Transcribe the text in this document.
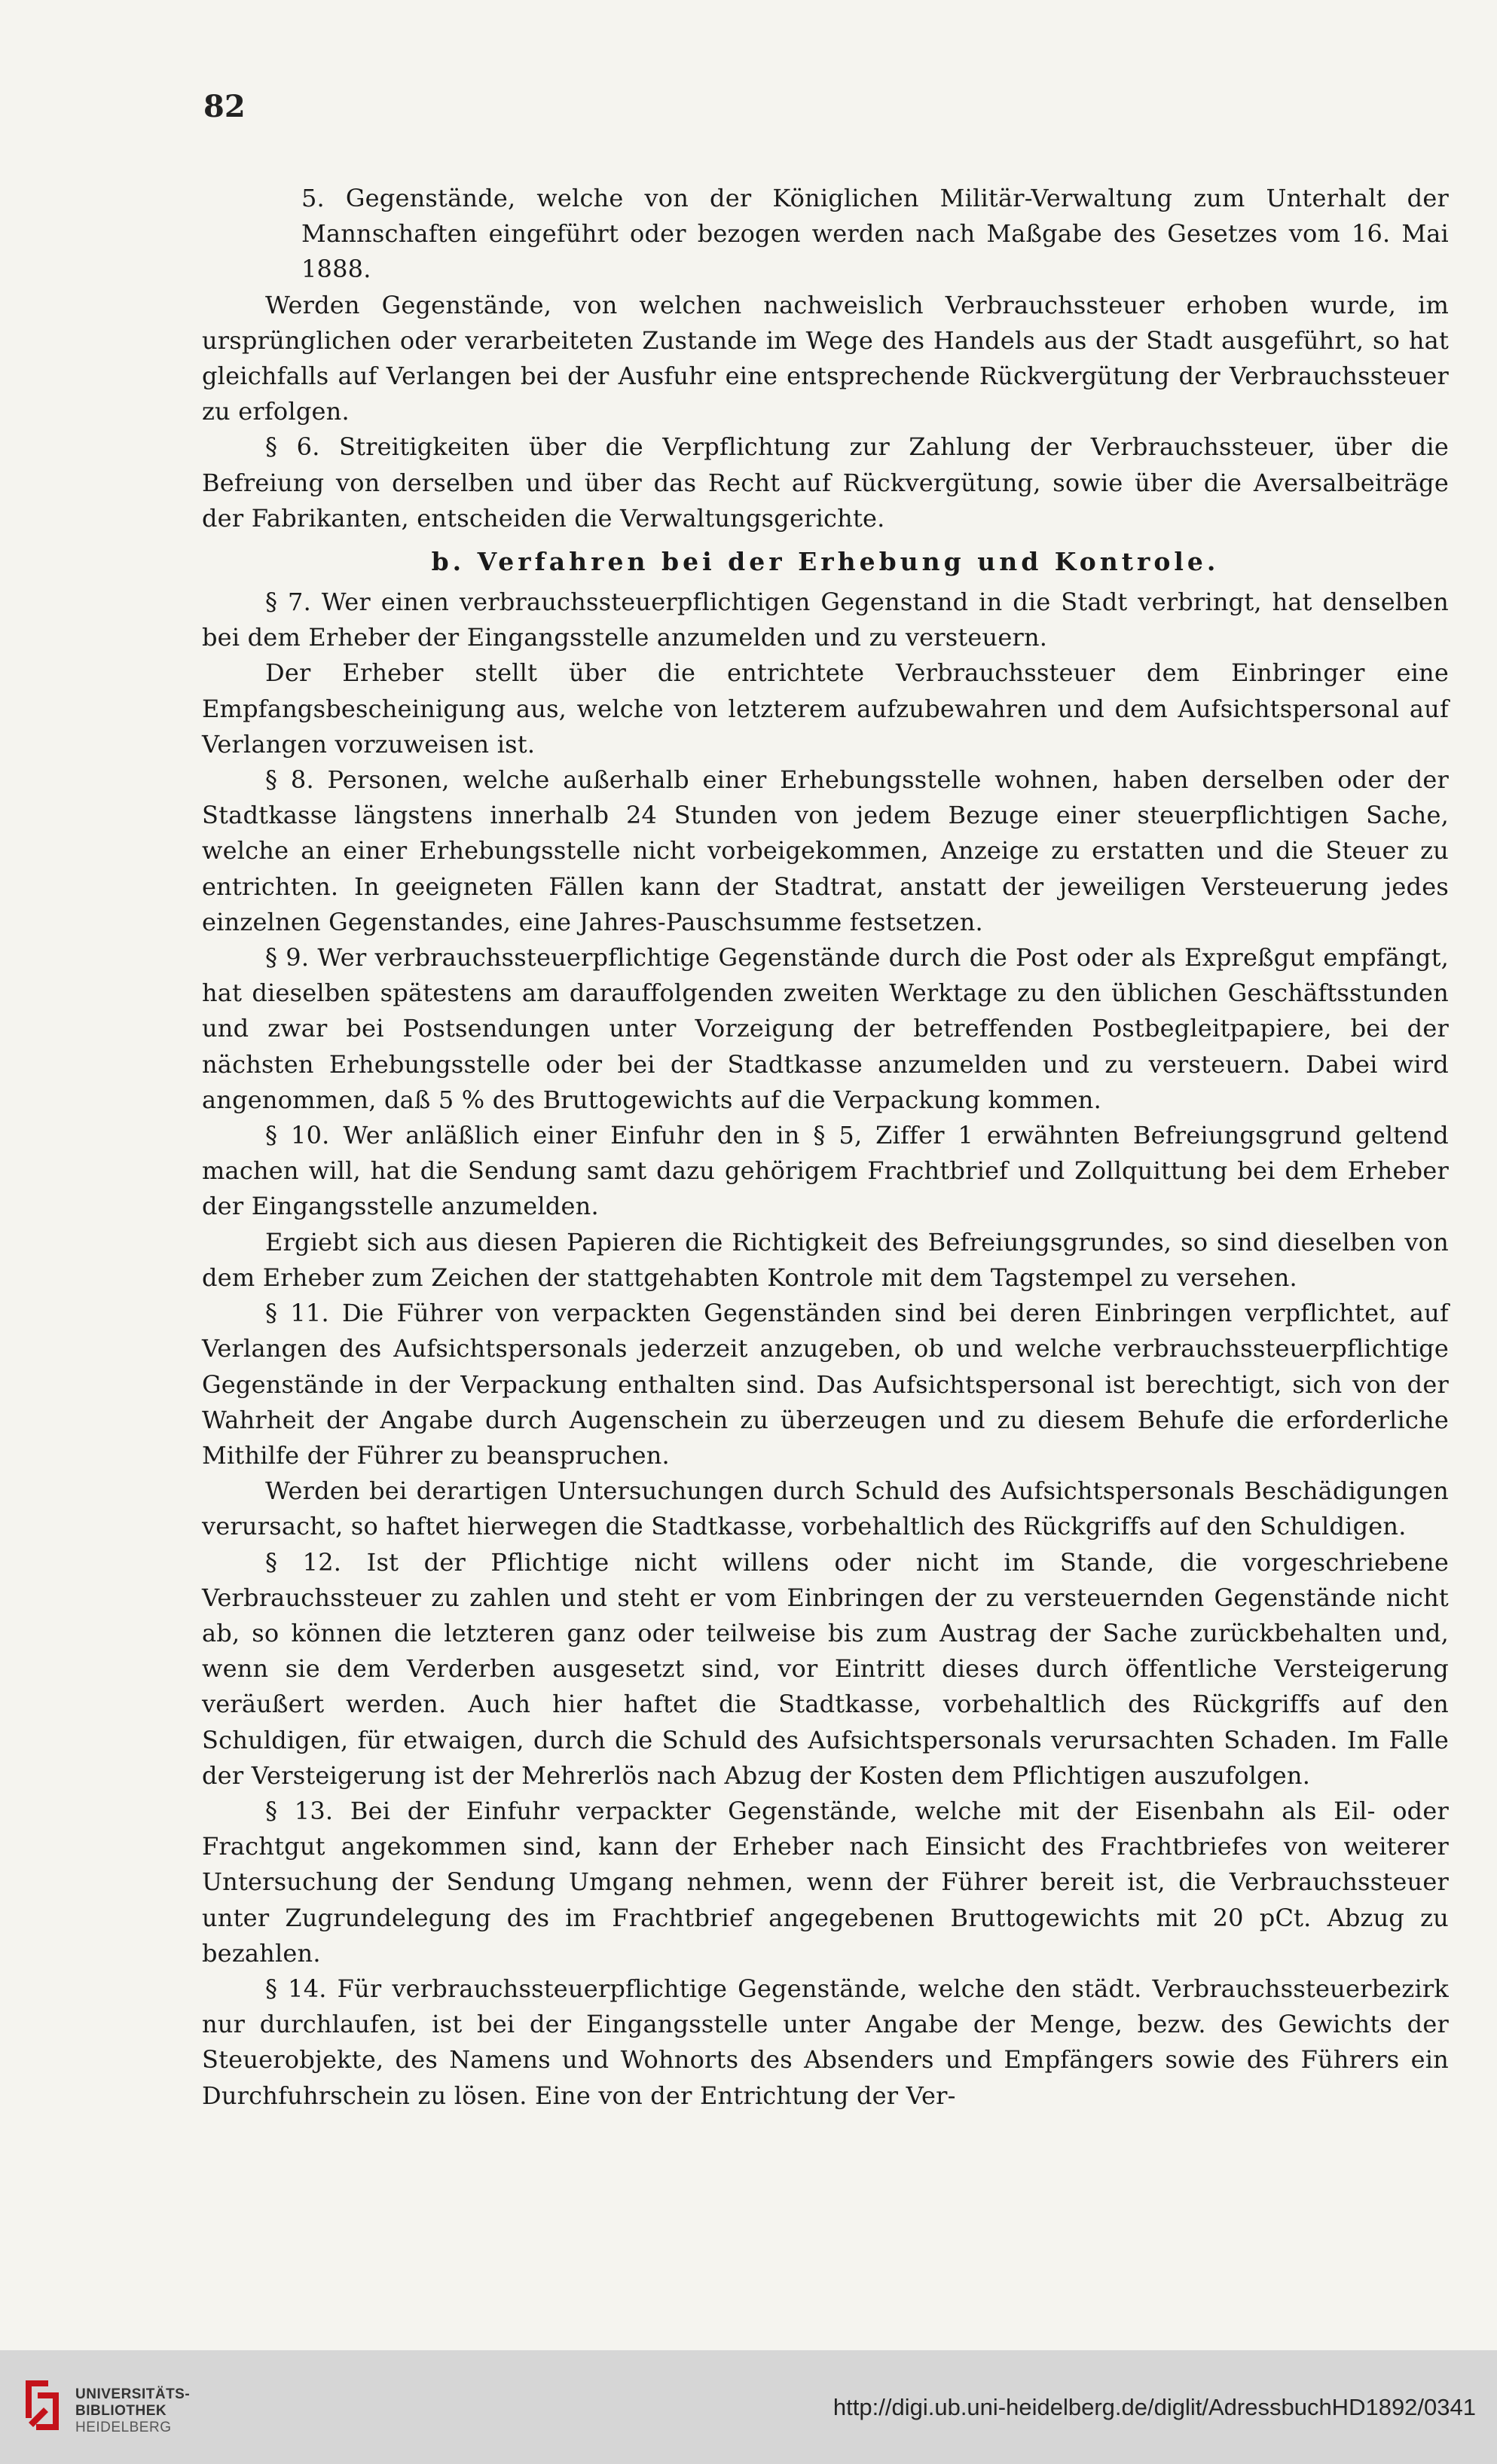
82

5. Gegenstände, welche von der Königlichen Militär-Verwaltung zum Unterhalt der Mannschaften eingeführt oder bezogen werden nach Maßgabe des Gesetzes vom 16. Mai 1888.

Werden Gegenstände, von welchen nachweislich Verbrauchssteuer erhoben wurde, im ursprünglichen oder verarbeiteten Zustande im Wege des Handels aus der Stadt ausgeführt, so hat gleichfalls auf Verlangen bei der Ausfuhr eine entsprechende Rückvergütung der Verbrauchssteuer zu erfolgen.

§ 6. Streitigkeiten über die Verpflichtung zur Zahlung der Verbrauchssteuer, über die Befreiung von derselben und über das Recht auf Rückvergütung, sowie über die Aversalbeiträge der Fabrikanten, entscheiden die Verwaltungsgerichte.

b. Verfahren bei der Erhebung und Kontrole.

§ 7. Wer einen verbrauchssteuerpflichtigen Gegenstand in die Stadt verbringt, hat denselben bei dem Erheber der Eingangsstelle anzumelden und zu versteuern.

Der Erheber stellt über die entrichtete Verbrauchssteuer dem Einbringer eine Empfangsbescheinigung aus, welche von letzterem aufzubewahren und dem Aufsichtspersonal auf Verlangen vorzuweisen ist.

§ 8. Personen, welche außerhalb einer Erhebungsstelle wohnen, haben derselben oder der Stadtkasse längstens innerhalb 24 Stunden von jedem Bezuge einer steuerpflichtigen Sache, welche an einer Erhebungsstelle nicht vorbeigekommen, Anzeige zu erstatten und die Steuer zu entrichten. In geeigneten Fällen kann der Stadtrat, anstatt der jeweiligen Versteuerung jedes einzelnen Gegenstandes, eine Jahres-Pauschsumme festsetzen.

§ 9. Wer verbrauchssteuerpflichtige Gegenstände durch die Post oder als Expreßgut empfängt, hat dieselben spätestens am darauffolgenden zweiten Werktage zu den üblichen Geschäftsstunden und zwar bei Postsendungen unter Vorzeigung der betreffenden Postbegleitpapiere, bei der nächsten Erhebungsstelle oder bei der Stadtkasse anzumelden und zu versteuern. Dabei wird angenommen, daß 5 % des Bruttogewichts auf die Verpackung kommen.

§ 10. Wer anläßlich einer Einfuhr den in § 5, Ziffer 1 erwähnten Befreiungsgrund geltend machen will, hat die Sendung samt dazu gehörigem Frachtbrief und Zollquittung bei dem Erheber der Eingangsstelle anzumelden.

Ergiebt sich aus diesen Papieren die Richtigkeit des Befreiungsgrundes, so sind dieselben von dem Erheber zum Zeichen der stattgehabten Kontrole mit dem Tagstempel zu versehen.

§ 11. Die Führer von verpackten Gegenständen sind bei deren Einbringen verpflichtet, auf Verlangen des Aufsichtspersonals jederzeit anzugeben, ob und welche verbrauchssteuerpflichtige Gegenstände in der Verpackung enthalten sind. Das Aufsichtspersonal ist berechtigt, sich von der Wahrheit der Angabe durch Augenschein zu überzeugen und zu diesem Behufe die erforderliche Mithilfe der Führer zu beanspruchen.

Werden bei derartigen Untersuchungen durch Schuld des Aufsichtspersonals Beschädigungen verursacht, so haftet hierwegen die Stadtkasse, vorbehaltlich des Rückgriffs auf den Schuldigen.

§ 12. Ist der Pflichtige nicht willens oder nicht im Stande, die vorgeschriebene Verbrauchssteuer zu zahlen und steht er vom Einbringen der zu versteuernden Gegenstände nicht ab, so können die letzteren ganz oder teilweise bis zum Austrag der Sache zurückbehalten und, wenn sie dem Verderben ausgesetzt sind, vor Eintritt dieses durch öffentliche Versteigerung veräußert werden. Auch hier haftet die Stadtkasse, vorbehaltlich des Rückgriffs auf den Schuldigen, für etwaigen, durch die Schuld des Aufsichtspersonals verursachten Schaden. Im Falle der Versteigerung ist der Mehrerlös nach Abzug der Kosten dem Pflichtigen auszufolgen.

§ 13. Bei der Einfuhr verpackter Gegenstände, welche mit der Eisenbahn als Eil- oder Frachtgut angekommen sind, kann der Erheber nach Einsicht des Frachtbriefes von weiterer Untersuchung der Sendung Umgang nehmen, wenn der Führer bereit ist, die Verbrauchssteuer unter Zugrundelegung des im Frachtbrief angegebenen Bruttogewichts mit 20 pCt. Abzug zu bezahlen.

§ 14. Für verbrauchssteuerpflichtige Gegenstände, welche den städt. Verbrauchssteuerbezirk nur durchlaufen, ist bei der Eingangsstelle unter Angabe der Menge, bezw. des Gewichts der Steuerobjekte, des Namens und Wohnorts des Absenders und Empfängers sowie des Führers ein Durchfuhrschein zu lösen. Eine von der Entrichtung der Ver-

UNIVERSITÄTS-
BIBLIOTHEK
HEIDELBERG
http://digi.ub.uni-heidelberg.de/diglit/AdressbuchHD1892/0341
